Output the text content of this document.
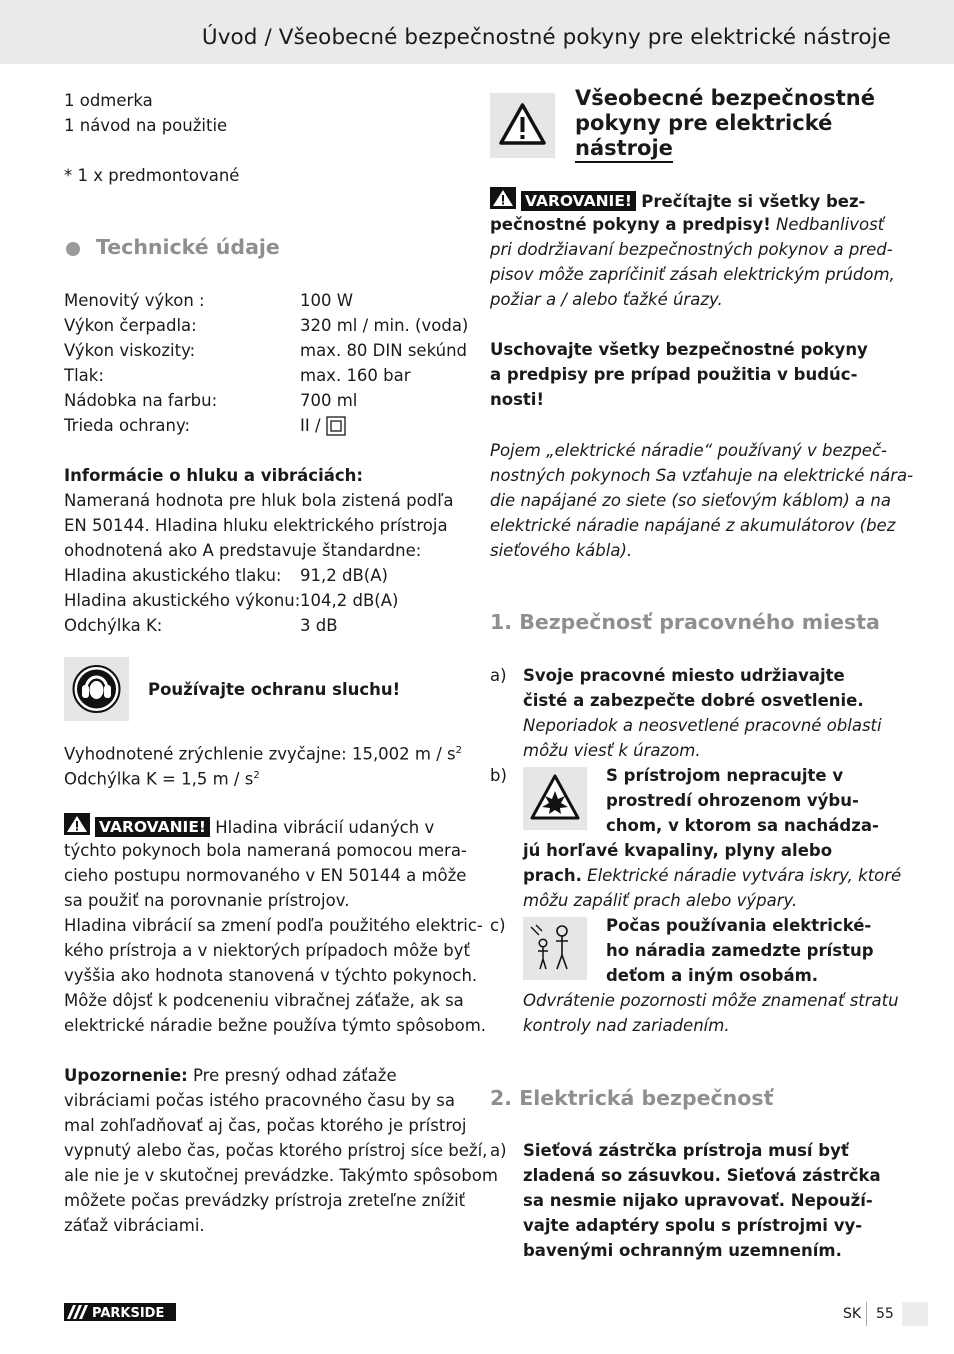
Úvod / Všeobecné bezpečnostné pokyny pre elektrické nástroje
1 odmerka
1 návod na použitie
* 1 x predmontované
Technické údaje
Menovitý výkon :	100 W
Výkon čerpadla:	320 ml / min. (voda)
Výkon viskozity:	max. 80 DIN sekúnd
Tlak:	max. 160 bar
Nádobka na farbu:	700 ml
Trieda ochrany:	II /
Informácie o hluku a vibráciách:
Nameraná hodnota pre hluk bola zistená podľa
EN 50144. Hladina hluku elektrického prístroja
ohodnotená ako A predstavuje štandardne:
Hladina akustického tlaku: 91,2 dB(A)
Hladina akustického výkonu: 104,2 dB(A)
Odchýlka K:	3 dB
Používajte ochranu sluchu!
Vyhodnotené zrýchlenie zvyčajne: 15,002 m / $s^2$
Odchýlka K = 1,5 m / $s^2$
VAROVANIE! Hladina vibrácií udaných v
týchto pokynoch bola nameraná pomocou mera-
cieho postupu normovaného v EN 50144 a môže
sa použiť na porovnanie prístrojov.
Hladina vibrácií sa zmení podľa použitého elektric-
kého prístroja a v niektorých prípadoch môže byť
vyššia ako hodnota stanovená v týchto pokynoch.
Môže dôjsť k podceneniu vibračnej záťaže, ak sa
elektrické náradie bežne používa týmto spôsobom.
Upozornenie: Pre presný odhad záťaže
vibráciami počas istého pracovného času by sa
mal zohľadňovať aj čas, počas ktorého je prístroj
vypnutý alebo čas, počas ktorého prístroj síce beží,
ale nie je v skutočnej prevádzke. Takýmto spôsobom
môžete počas prevádzky prístroja zreteľne znížiť
záťaž vibráciami.
Všeobecné bezpečnostné
pokyny pre elektrické
nástroje
VAROVANIE! Prečítajte si všetky bez-
pečnostné pokyny a predpisy! Nedbanlivosť
pri dodržiavaní bezpečnostných pokynov a pred-
pisov môže zapríčiniť zásah elektrickým prúdom,
požiar a / alebo ťažké úrazy.
Uschovajte všetky bezpečnostné pokyny
a predpisy pre prípad použitia v budúc-
nosti!
Pojem „elektrické náradie“ používaný v bezpeč-
nostných pokynoch Sa vzťahuje na elektrické nára-
die napájané zo siete (so sieťovým káblom) a na
elektrické náradie napájané z akumulátorov (bez
sieťového kábla).
1. Bezpečnosť pracovného miesta
a) Svoje pracovné miesto udržiavajte
čisté a zabezpečte dobré osvetlenie.
Neporiadok a neosvetlené pracovné oblasti
môžu viesť k úrazom.
b)	S prístrojom nepracujte v
prostredí ohrozenom výbu-
chom, v ktorom sa nachádza-
jú horľavé kvapaliny, plyny alebo
prach. Elektrické náradie vytvára iskry, ktoré
môžu zapáliť prach alebo výpary.
c)	Počas používania elektrické-
ho náradia zamedzte prístup
deťom a iným osobám.
Odvrátenie pozornosti môže znamenať stratu
kontroly nad zariadením.
2. Elektrická bezpečnosť
a) Sieťová zástrčka prístroja musí byť
zladená so zásuvkou. Sieťová zástrčka
sa nesmie nijako upravovať. Nepouží-
vajte adaptéry spolu s prístrojmi vy-
bavenými ochranným uzemnením.
PARKSIDE	SK 55
